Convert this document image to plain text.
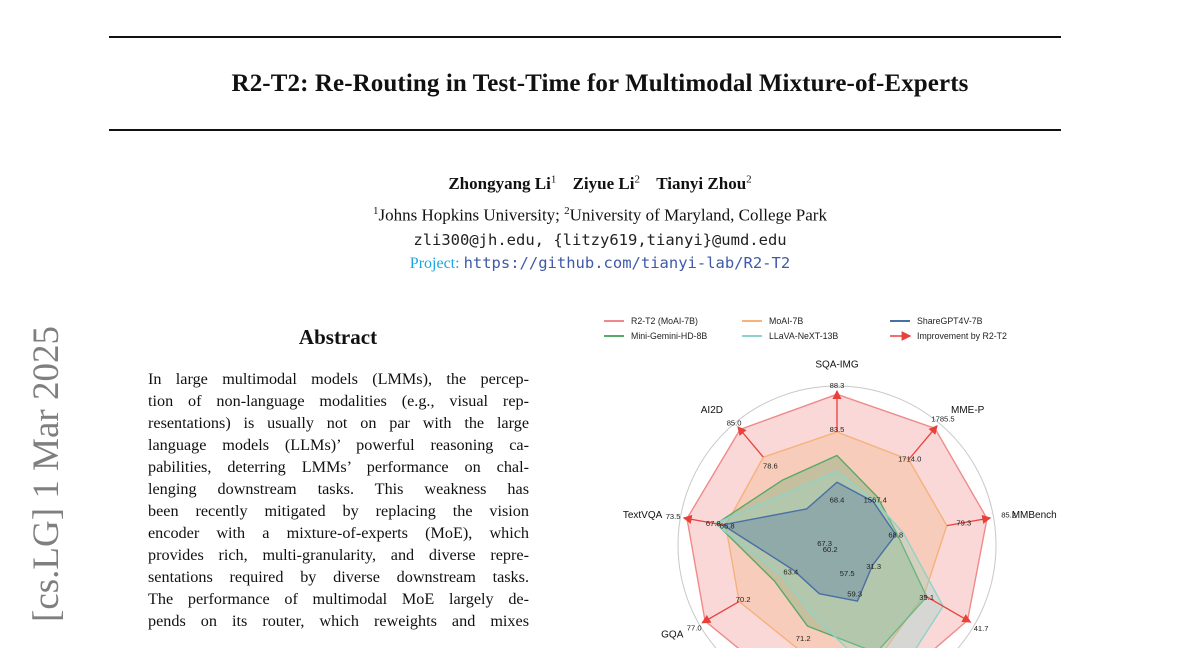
R2-T2: Re-Routing in Test-Time for Multimodal Mixture-of-Experts
Zhongyang Li$^1$ Ziyue Li$^2$ Tianyi Zhou$^2$
$^1$Johns Hopkins University; $^2$University of Maryland, College Park
zli300@jh.edu, {litzy619,tianyi}@umd.edu
Project: https://github.com/tianyi-lab/R2-T2
[cs.LG] 1 Mar 2025	Abstract
In large multimodal models (LMMs), the percep-
tion of non-language modalities (e.g., visual rep-
resentations) is usually not on par with the large
language models (LLMs)’ powerful reasoning ca-
pabilities, deterring LMMs’ performance on chal-
lenging downstream tasks. This weakness has
been recently mitigated by replacing the vision
encoder with a mixture-of-experts (MoE), which
provides rich, multi-granularity, and diverse repre-
sentations required by diverse downstream tasks.
The performance of multimodal MoE largely de-
pends on its router, which reweights and mixes
88.3
83.5
68.4
1785.5
1714.0
1567.4
85.2
79.3
68.8
39.1
31.3
41.7
59.3
57.5
71.2
77.0
70.2
63.4
60.2
73.5
67.8 65.8
67.3
85.0
78.6
SQA-IMG
MME-P
MMBench
GQA
TextVQA
AI2D
R2-T2 (MoAI-7B)	MoAI-7B	ShareGPT4V-7B
Mini-Gemini-HD-8B	LLaVA-NeXT-13B	Improvement by R2-T2
